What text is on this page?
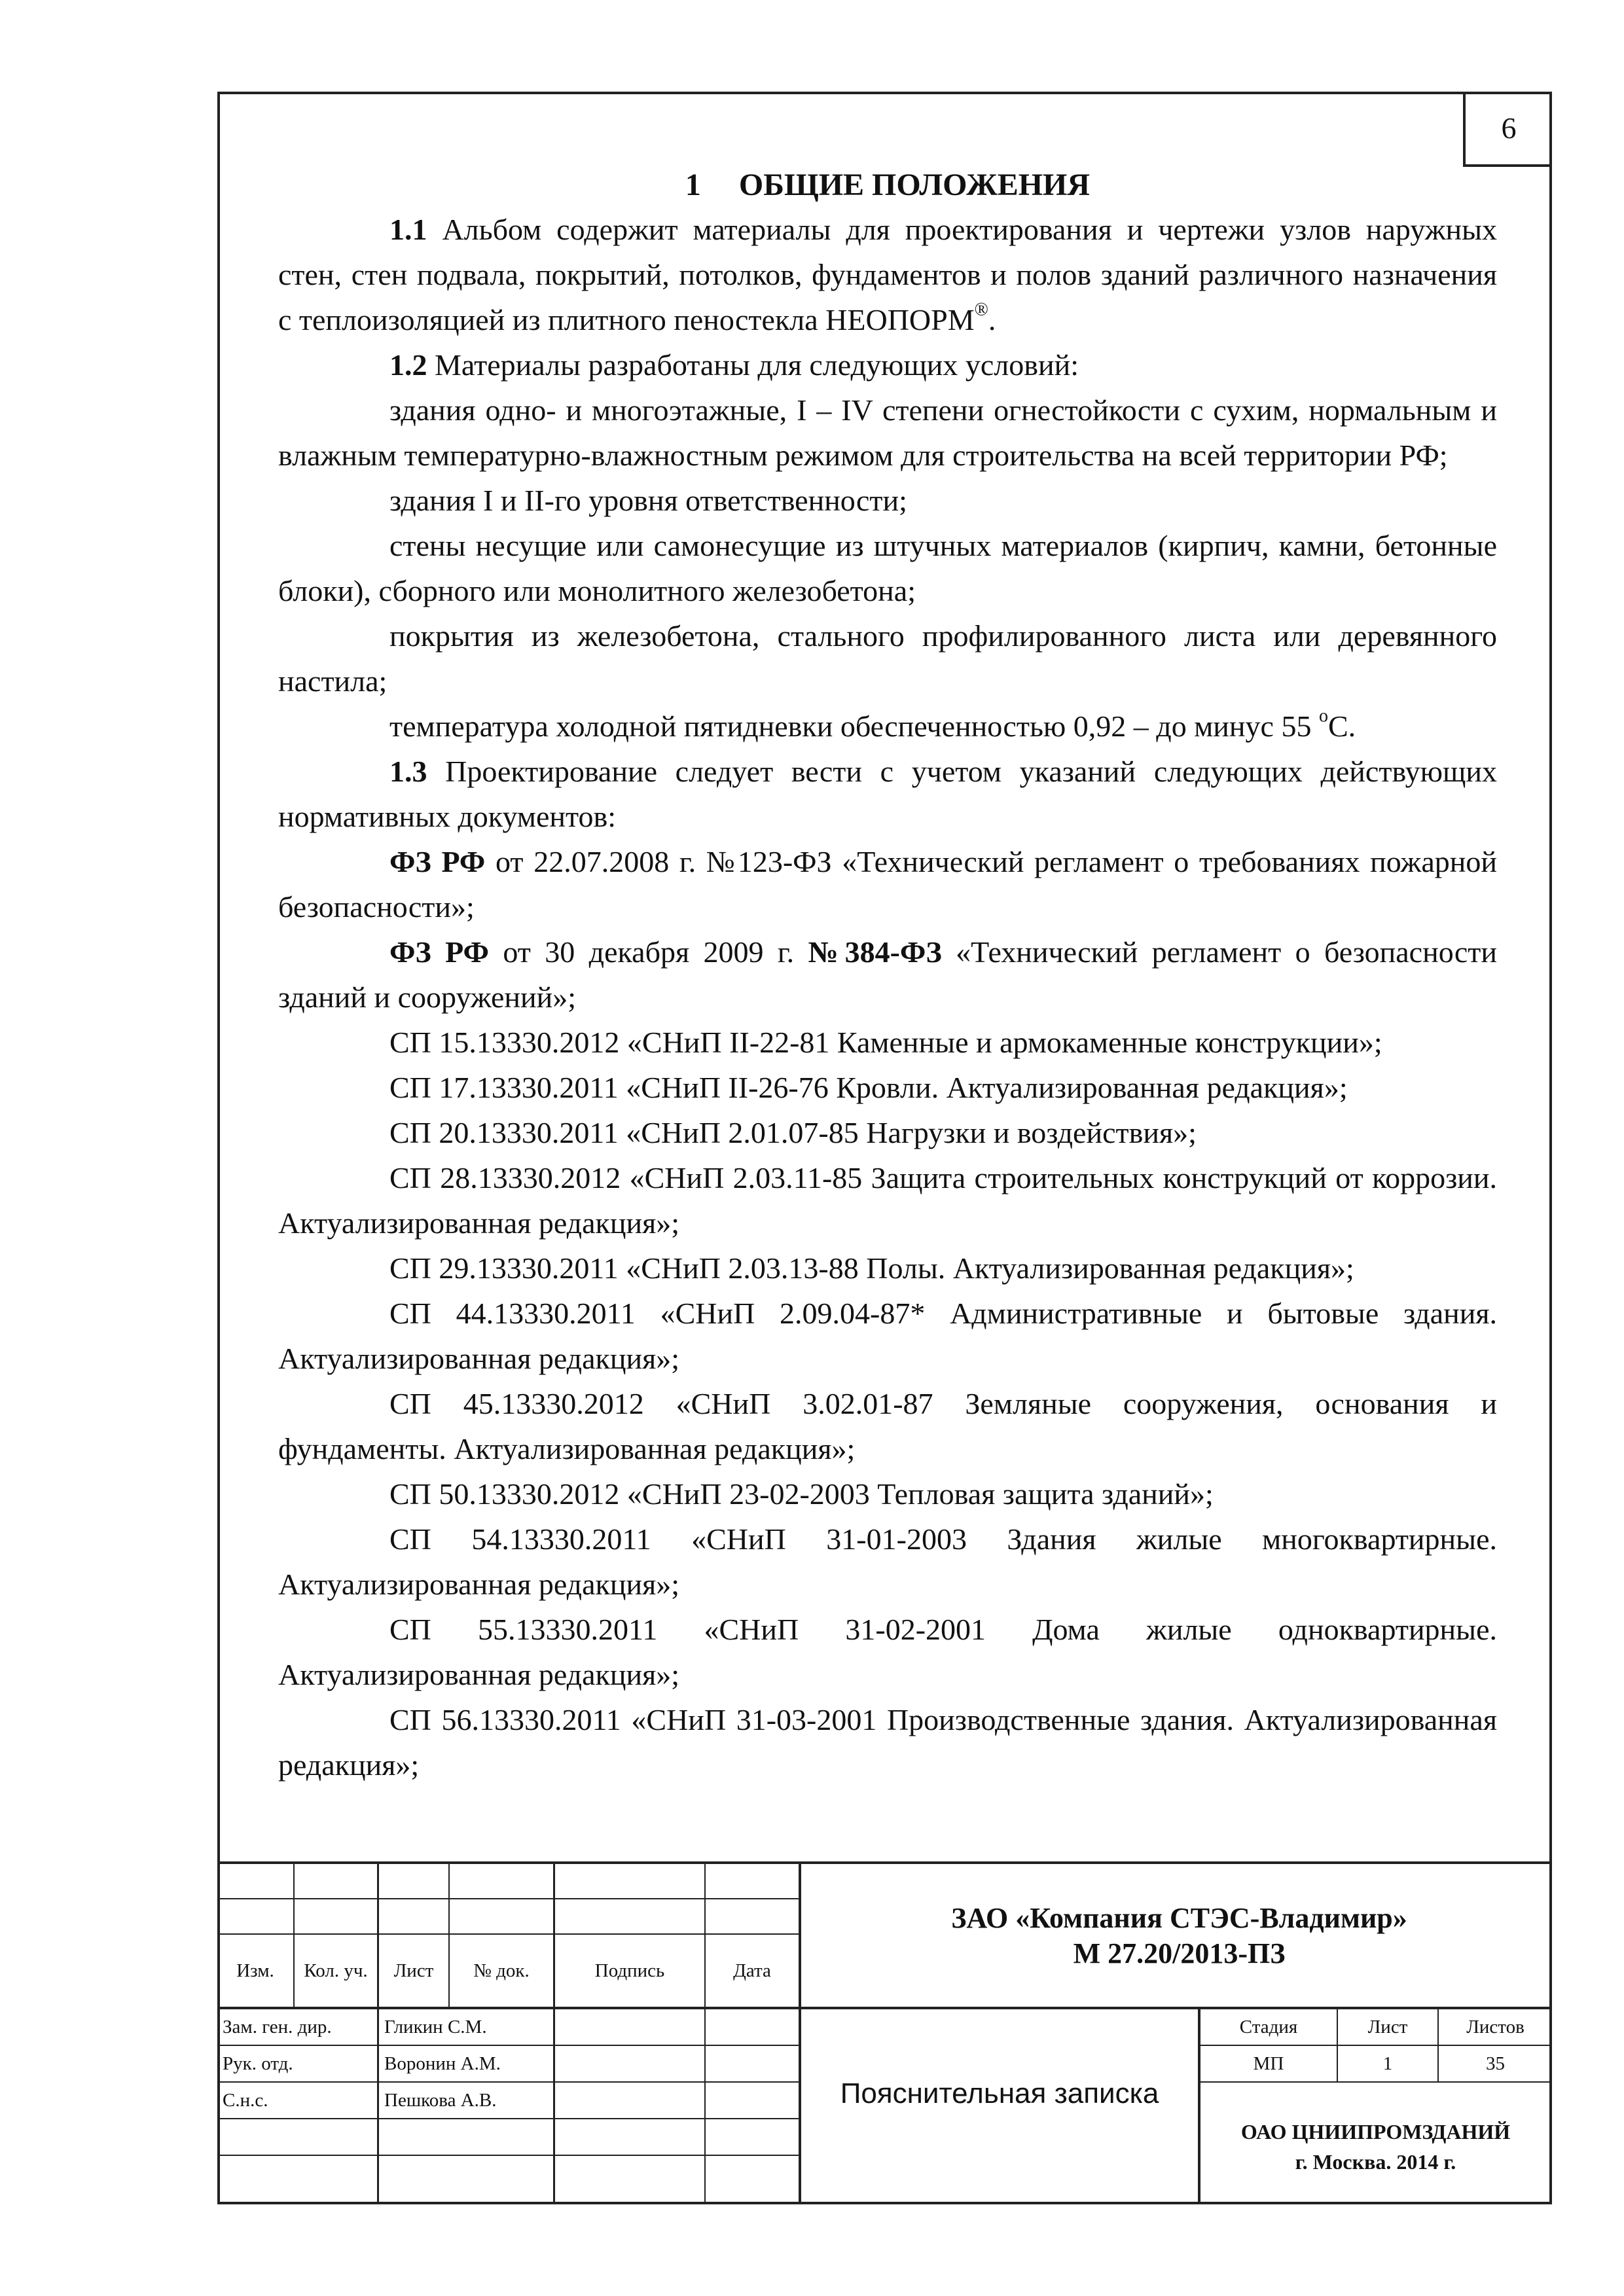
6

1 ОБЩИЕ ПОЛОЖЕНИЯ

1.1 Альбом содержит материалы для проектирования и чертежи узлов наружных стен, стен подвала, покрытий, потолков, фундаментов и полов зданий различного назначения с теплоизоляцией из плитного пеностекла НЕОПОРМ®.

1.2 Материалы разработаны для следующих условий:

здания одно- и многоэтажные, I – IV степени огнестойкости с сухим, нормальным и влажным температурно-влажностным режимом для строительства на всей территории РФ;

здания I и II-го уровня ответственности;

стены несущие или самонесущие из штучных материалов (кирпич, камни, бетонные блоки), сборного или монолитного железобетона;

покрытия из железобетона, стального профилированного листа или деревянного настила;

температура холодной пятидневки обеспеченностью 0,92 – до минус 55 $^о$С.

1.3 Проектирование следует вести с учетом указаний следующих действующих нормативных документов:

ФЗ РФ от 22.07.2008 г. №123-ФЗ «Технический регламент о требованиях пожарной безопасности»;

ФЗ РФ от 30 декабря 2009 г. №384-ФЗ «Технический регламент о безопасности зданий и сооружений»;

СП 15.13330.2012 «СНиП II-22-81 Каменные и армокаменные конструкции»;

СП 17.13330.2011 «СНиП II-26-76 Кровли. Актуализированная редакция»;

СП 20.13330.2011 «СНиП 2.01.07-85 Нагрузки и воздействия»;

СП 28.13330.2012 «СНиП 2.03.11-85 Защита строительных конструкций от коррозии. Актуализированная редакция»;

СП 29.13330.2011 «СНиП 2.03.13-88 Полы. Актуализированная редакция»;

СП 44.13330.2011 «СНиП 2.09.04-87* Административные и бытовые здания. Актуализированная редакция»;

СП 45.13330.2012 «СНиП 3.02.01-87 Земляные сооружения, основания и фундаменты. Актуализированная редакция»;

СП 50.13330.2012 «СНиП 23-02-2003 Тепловая защита зданий»;

СП 54.13330.2011 «СНиП 31-01-2003 Здания жилые многоквартирные. Актуализированная редакция»;

СП 55.13330.2011 «СНиП 31-02-2001 Дома жилые одноквартирные. Актуализированная редакция»;

СП 56.13330.2011 «СНиП 31-03-2001 Производственные здания. Актуализированная редакция»;

Изм.	Кол. уч.	Лист	№ док.	Подпись	Дата
Зам. ген. дир.	Гликин С.М.
Рук. отд.	Воронин А.М.
С.н.с.	Пешкова А.В.
ЗАО «Компания СТЭС-Владимир»
М 27.20/2013-ПЗ
Пояснительная записка
Стадия	Лист	Листов
МП	1	35
ОАО ЦНИИПРОМЗДАНИЙ
г. Москва. 2014 г.
